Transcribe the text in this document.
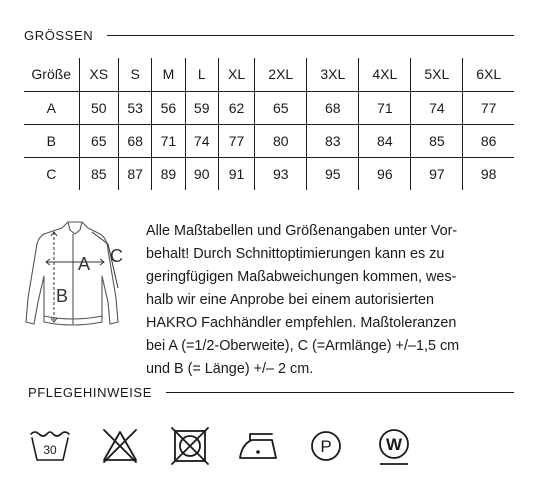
GRÖSSEN
Größe	XS	S	M	L	XL	2XL	3XL	4XL	5XL	6XL
A	50	53	56	59	62	65	68	71	74	77
B	65	68	71	74	77	80	83	84	85	86
C	85	87	89	90	91	93	95	96	97	98
A
B
C
Alle Maßtabellen und Größenangaben unter Vor-
behalt! Durch Schnittoptimierungen kann es zu
geringfügigen Maßabweichungen kommen, wes-
halb wir eine Anprobe bei einem autorisierten
HAKRO Fachhändler empfehlen. Maßtoleranzen
bei A (=1/2-Oberweite), C (=Armlänge) +/–1,5 cm
und B (= Länge) +/– 2 cm.
PFLEGEHINWEISE
30	P	W
